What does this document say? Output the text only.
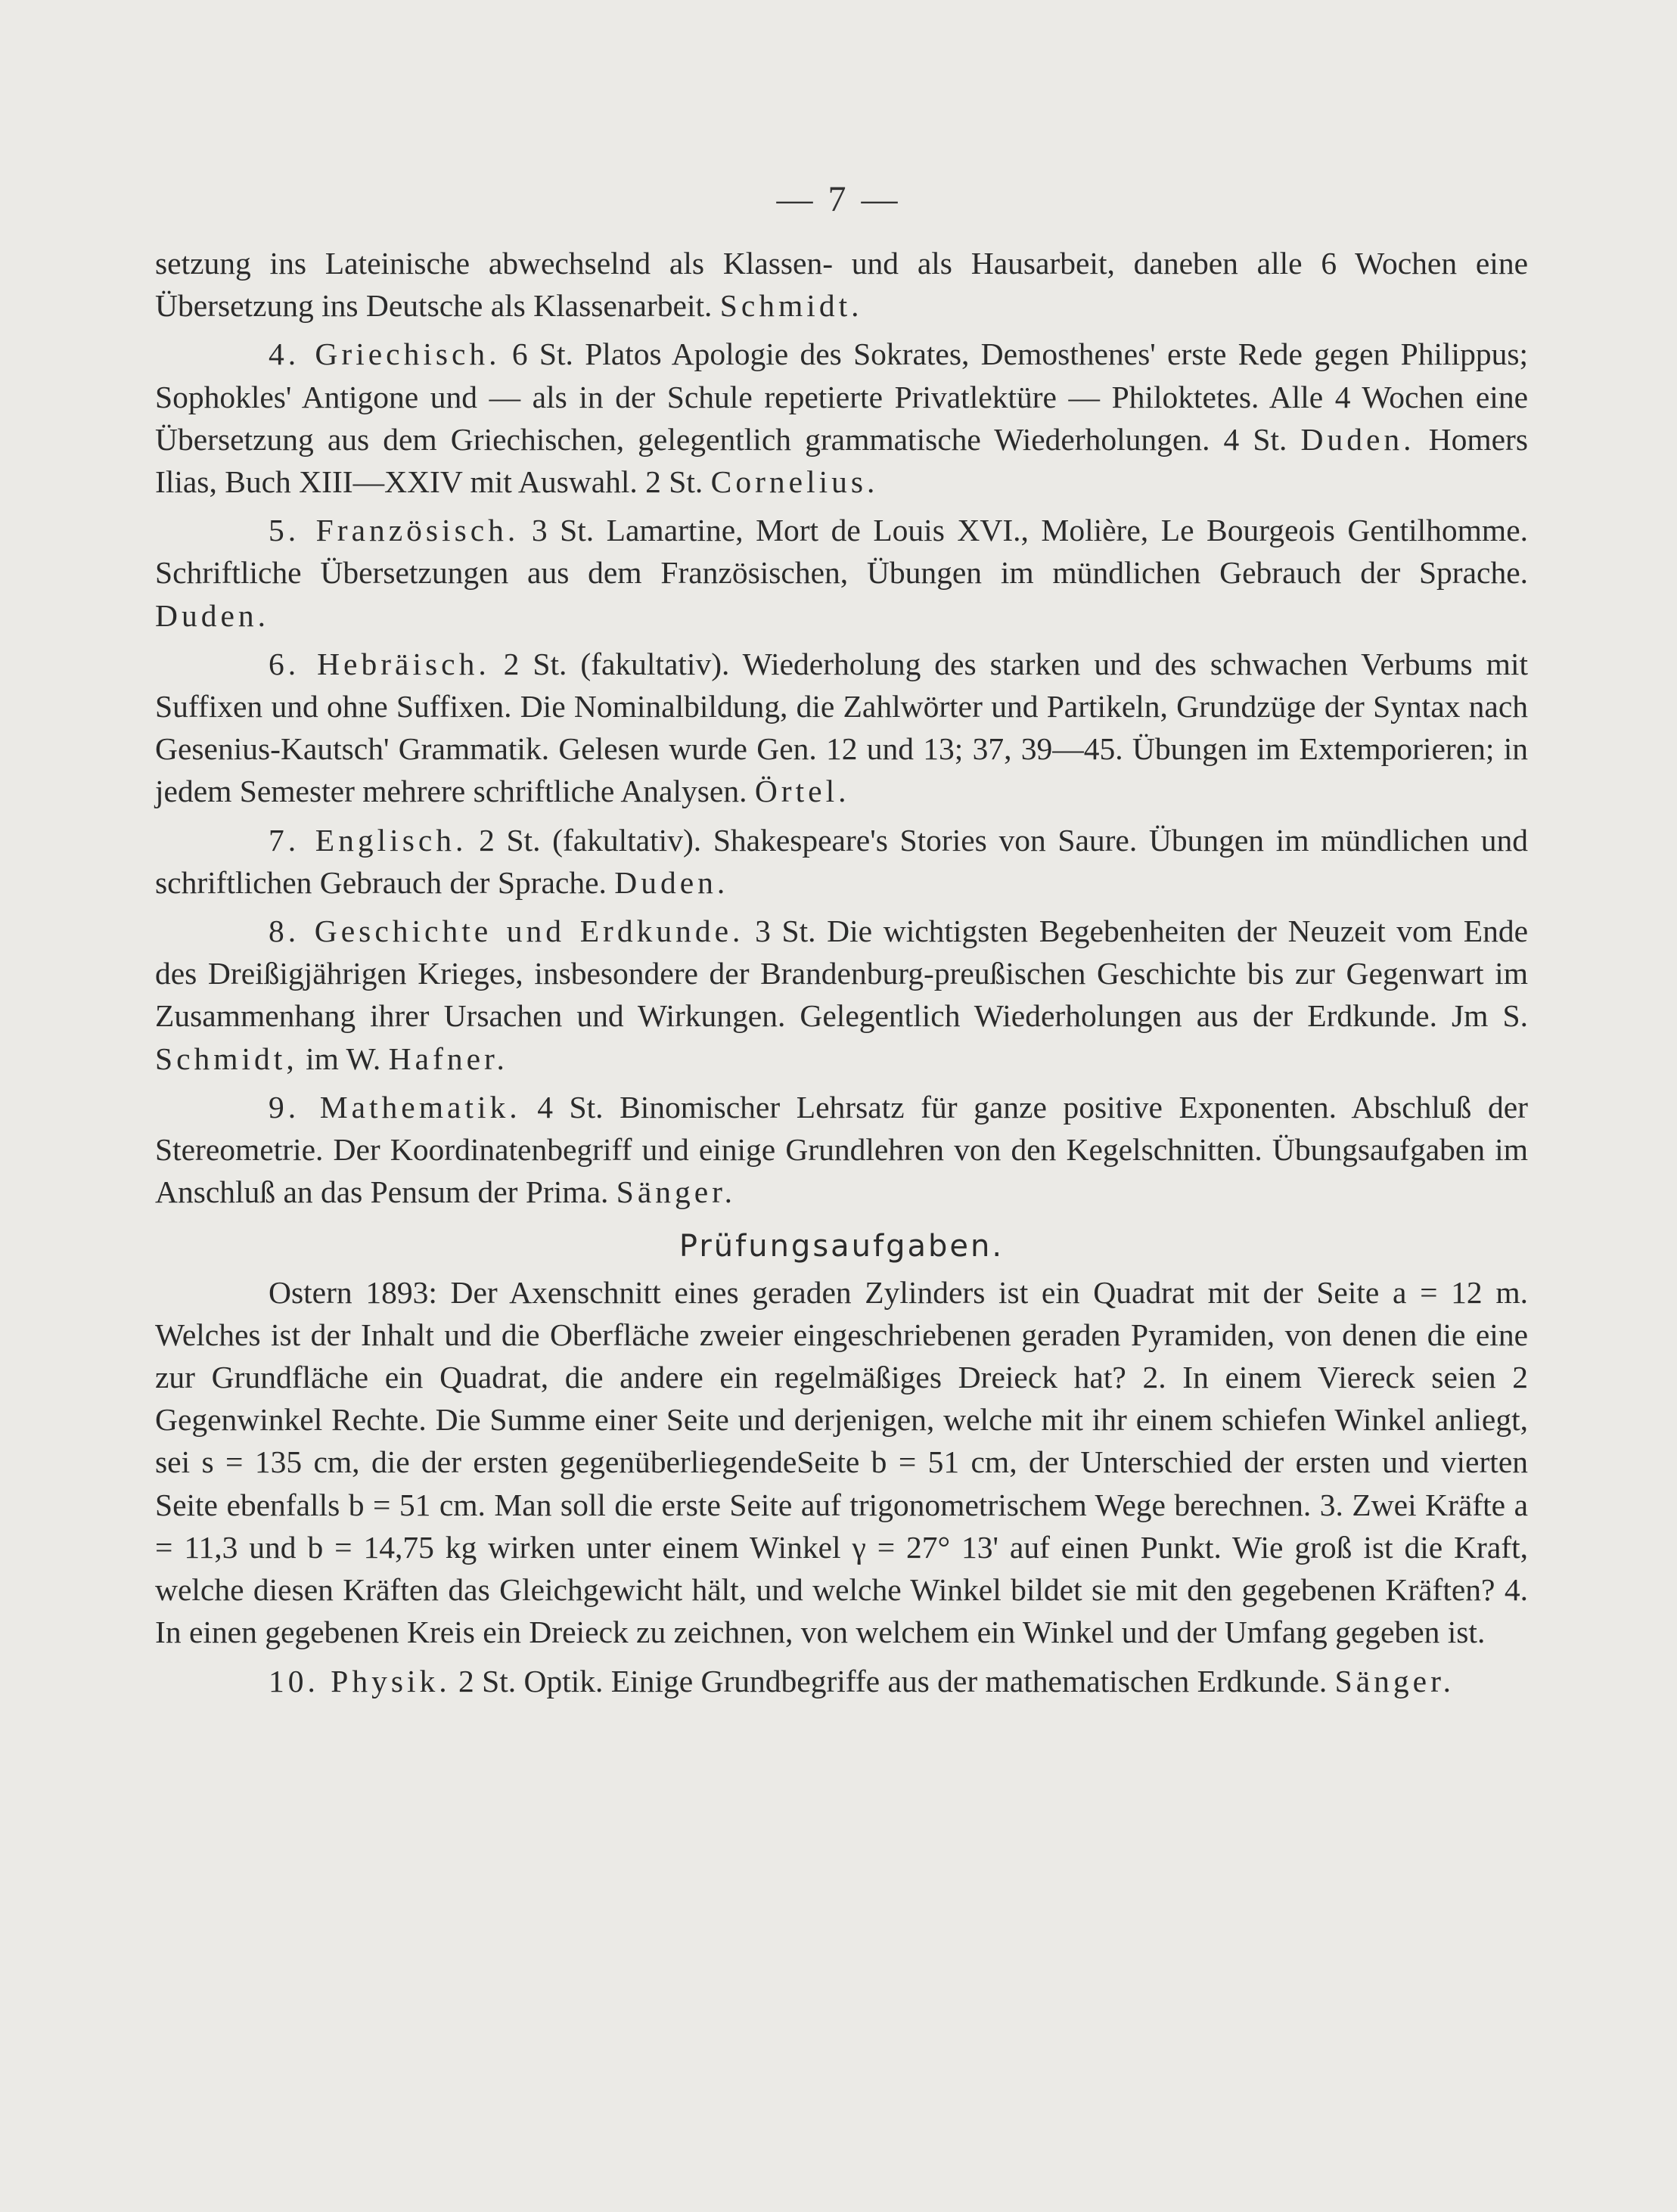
— 7 —

setzung ins Lateinische abwechselnd als Klassen- und als Hausarbeit, daneben alle 6 Wochen eine Übersetzung ins Deutsche als Klassenarbeit. Schmidt.

4. Griechisch. 6 St. Platos Apologie des Sokrates, Demosthenes' erste Rede gegen Philippus; Sophokles' Antigone und — als in der Schule repetierte Privatlektüre — Philoktetes. Alle 4 Wochen eine Übersetzung aus dem Griechischen, gelegentlich grammatische Wiederholungen. 4 St. Duden. Homers Ilias, Buch XIII—XXIV mit Auswahl. 2 St. Cornelius.

5. Französisch. 3 St. Lamartine, Mort de Louis XVI., Molière, Le Bourgeois Gentilhomme. Schriftliche Übersetzungen aus dem Französischen, Übungen im mündlichen Gebrauch der Sprache. Duden.

6. Hebräisch. 2 St. (fakultativ). Wiederholung des starken und des schwachen Verbums mit Suffixen und ohne Suffixen. Die Nominalbildung, die Zahlwörter und Partikeln, Grundzüge der Syntax nach Gesenius-Kautsch' Grammatik. Gelesen wurde Gen. 12 und 13; 37, 39—45. Übungen im Extemporieren; in jedem Semester mehrere schriftliche Analysen. Örtel.

7. Englisch. 2 St. (fakultativ). Shakespeare's Stories von Saure. Übungen im mündlichen und schriftlichen Gebrauch der Sprache. Duden.

8. Geschichte und Erdkunde. 3 St. Die wichtigsten Begebenheiten der Neuzeit vom Ende des Dreißigjährigen Krieges, insbesondere der Brandenburg-preußischen Geschichte bis zur Gegenwart im Zusammenhang ihrer Ursachen und Wirkungen. Gelegentlich Wiederholungen aus der Erdkunde. Jm S. Schmidt, im W. Hafner.

9. Mathematik. 4 St. Binomischer Lehrsatz für ganze positive Exponenten. Abschluß der Stereometrie. Der Koordinatenbegriff und einige Grundlehren von den Kegelschnitten. Übungsaufgaben im Anschluß an das Pensum der Prima. Sänger.

Prüfungsaufgaben.

Ostern 1893: Der Axenschnitt eines geraden Zylinders ist ein Quadrat mit der Seite a = 12 m. Welches ist der Inhalt und die Oberfläche zweier eingeschriebenen geraden Pyramiden, von denen die eine zur Grundfläche ein Quadrat, die andere ein regelmäßiges Dreieck hat? 2. In einem Viereck seien 2 Gegenwinkel Rechte. Die Summe einer Seite und derjenigen, welche mit ihr einem schiefen Winkel anliegt, sei s = 135 cm, die der ersten gegenüberliegendeSeite b = 51 cm, der Unterschied der ersten und vierten Seite ebenfalls b = 51 cm. Man soll die erste Seite auf trigonometrischem Wege berechnen. 3. Zwei Kräfte a = 11,3 und b = 14,75 kg wirken unter einem Winkel γ = 27° 13' auf einen Punkt. Wie groß ist die Kraft, welche diesen Kräften das Gleichgewicht hält, und welche Winkel bildet sie mit den gegebenen Kräften? 4. In einen gegebenen Kreis ein Dreieck zu zeichnen, von welchem ein Winkel und der Umfang gegeben ist.

10. Physik. 2 St. Optik. Einige Grundbegriffe aus der mathematischen Erdkunde. Sänger.
